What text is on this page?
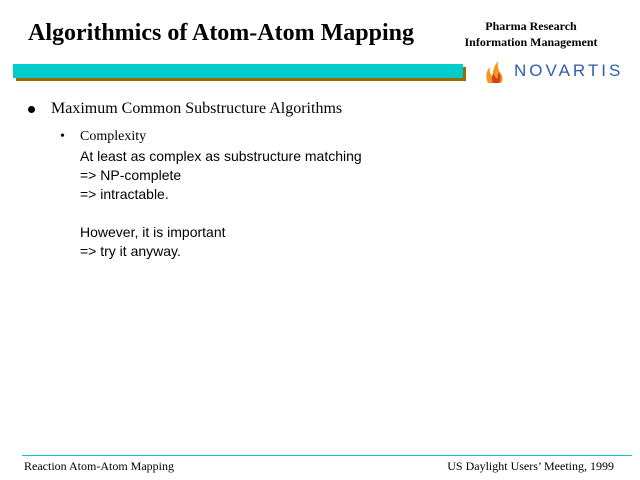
Algorithmics of Atom-Atom Mapping	Pharma Research
Information Management
NOVARTIS
Maximum Common Substructure Algorithms
•	Complexity
At least as complex as substructure matching
=> NP-complete
=> intractable.
However, it is important
=> try it anyway.
Reaction Atom-Atom Mapping	US Daylight Users’ Meeting, 1999
